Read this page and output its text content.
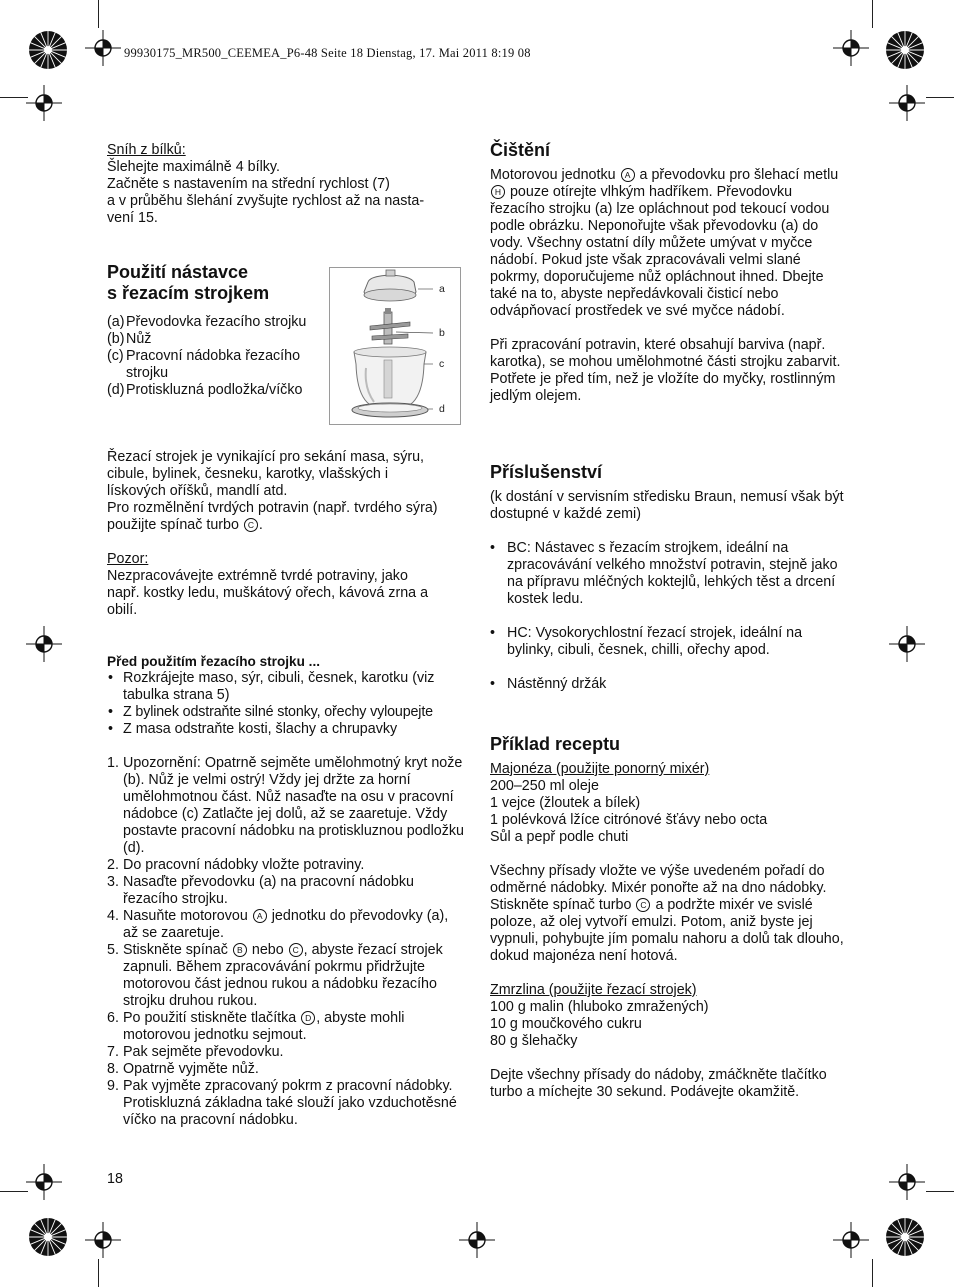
99930175_MR500_CEEMEA_P6-48 Seite 18 Dienstag, 17. Mai 2011 8:19 08

Sníh z bílků:

Šlehejte maximálně 4 bílky.

Začněte s nastavením na střední rychlost (7)

a v průběhu šlehání zvyšujte rychlost až na nasta-

vení 15.

Použití nástavce
s řezacím strojkem
(a) Převodovka řezacího strojku
(b) Nůž
(c) Pracovní nádobka řezacího strojku
(d) Protiskluzná podložka/víčko
a
b
c
d

Řezací strojek je vynikající pro sekání masa, sýru,

cibule, bylinek, česneku, karotky, vlašských i

lískových oříšků, mandlí atd.

Pro rozmělnění tvrdých potravin (např. tvrdého sýra)

použijte spínač turbo C .

Pozor:

Nezpracovávejte extrémně tvrdé potraviny, jako

např. kostky ledu, muškátový ořech, kávová zrna a

obilí.

Před použitím řezacího strojku ...

• Rozkrájejte maso, sýr, cibuli, česnek, karotku (viz tabulka strana 5)
• Z bylinek odstraňte silné stonky, ořechy vyloupejte
• Z masa odstraňte kosti, šlachy a chrupavky
1. Upozornění: Opatrně sejměte umělohmotný kryt nože (b). Nůž je velmi ostrý! Vždy jej držte za horní umělohmotnou část. Nůž nasaďte na osu v pracovní nádobce (c) Zatlačte jej dolů, až se zaaretuje. Vždy postavte pracovní nádobku na protiskluznou podložku (d).
2. Do pracovní nádobky vložte potraviny.
3. Nasaďte převodovku (a) na pracovní nádobku řezacího strojku.
4. Nasuňte motorovou A jednotku do převodovky (a), až se zaaretuje.
5. Stiskněte spínač B nebo C , abyste řezací strojek zapnuli. Během zpracovávání pokrmu přidržujte motorovou část jednou rukou a nádobku řezacího strojku druhou rukou.
6. Po použití stiskněte tlačítka D , abyste mohli motorovou jednotku sejmout.
7. Pak sejměte převodovku.
8. Opatrně vyjměte nůž.
9. Pak vyjměte zpracovaný pokrm z pracovní nádobky. Protiskluzná základna také slouží jako vzduchotěsné víčko na pracovní nádobku.
Čištění

Motorovou jednotku A a převodovku pro šlehací metlu H pouze otírejte vlhkým hadříkem. Převodovku řezacího strojku (a) lze opláchnout pod tekoucí vodou podle obrázku. Neponořujte však převodovku (a) do vody. Všechny ostatní díly můžete umývat v myčce nádobí. Pokud jste však zpracovávali velmi slané pokrmy, doporučujeme nůž opláchnout ihned. Dbejte také na to, abyste nepředávkovali čisticí nebo odvápňovací prostředek ve své myčce nádobí.

Při zpracování potravin, které obsahují barviva (např. karotka), se mohou umělohmotné části strojku zabarvit. Potřete je před tím, než je vložíte do myčky, rostlinným jedlým olejem.

Příslušenství

(k dostání v servisním středisku Braun, nemusí však být dostupné v každé zemi)

• BC: Nástavec s řezacím strojkem, ideální na zpracovávání velkého množství potravin, stejně jako na přípravu mléčných koktejlů, lehkých těst a drcení kostek ledu.
• HC: Vysokorychlostní řezací strojek, ideální na bylinky, cibuli, česnek, chilli, ořechy apod.
• Nástěnný držák
Příklad receptu

Majonéza (použijte ponorný mixér)

200–250 ml oleje

1 vejce (žloutek a bílek)

1 polévková lžíce citrónové šťávy nebo octa

Sůl a pepř podle chuti

Všechny přísady vložte ve výše uvedeném pořadí do odměrné nádobky. Mixér ponořte až na dno nádobky. Stiskněte spínač turbo C a podržte mixér ve svislé poloze, až olej vytvoří emulzi. Potom, aniž byste jej vypnuli, pohybujte jím pomalu nahoru a dolů tak dlouho, dokud majonéza není hotová.

Zmrzlina (použijte řezací strojek)

100 g malin (hluboko zmražených)

10 g moučkového cukru

80 g šlehačky

Dejte všechny přísady do nádoby, zmáčkněte tlačítko turbo a míchejte 30 sekund. Podávejte okamžitě.

18
